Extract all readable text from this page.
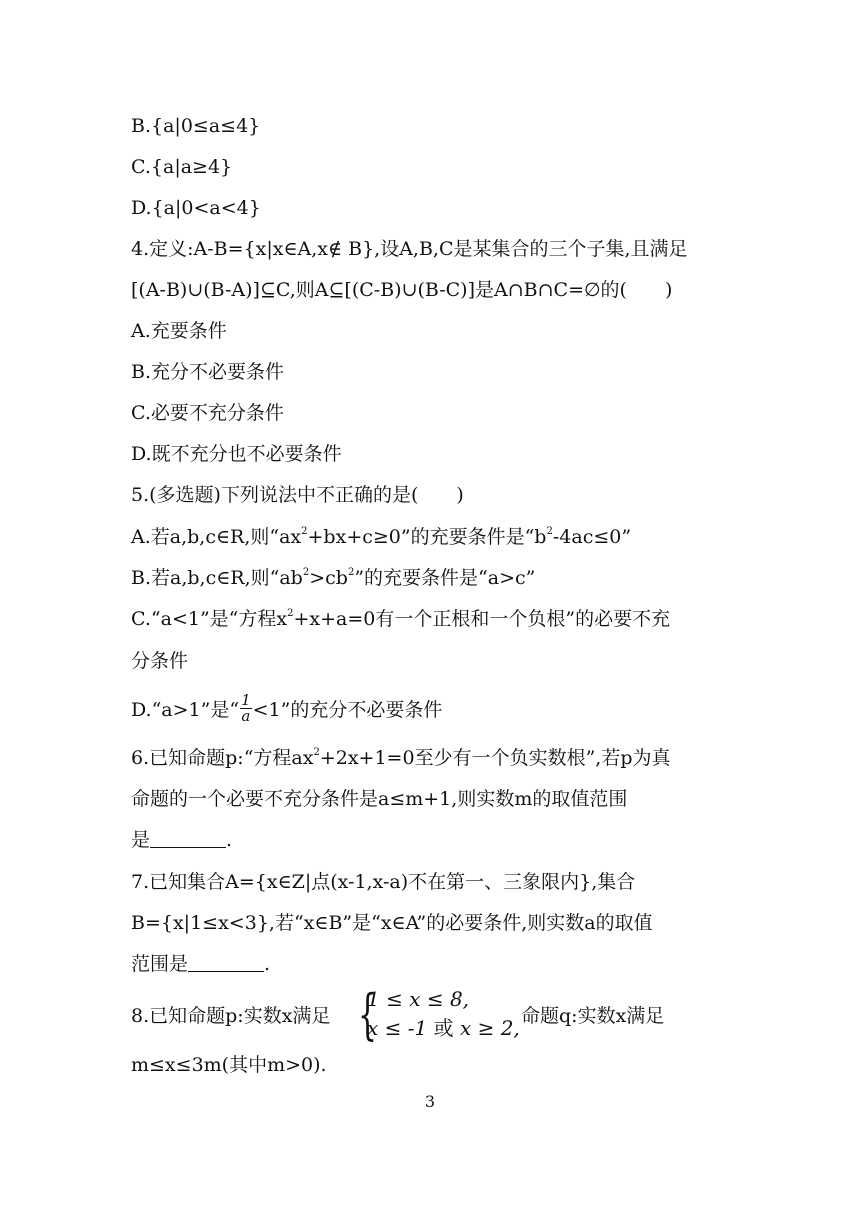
B.{a|0≤a≤4}
C.{a|a≥4}
D.{a|0<a<4}
4.定义:A-B={x|x∈A,x∉ B},设A,B,C是某集合的三个子集,且满足
[(A-B)∪(B-A)]⊆C,则A⊆[(C-B)∪(B-C)]是A∩B∩C=∅的(　　)
A.充要条件
B.充分不必要条件
C.必要不充分条件
D.既不充分也不必要条件
5.(多选题)下列说法中不正确的是(　　)
A.若a,b,c∈R,则“$ax^2+bx+c\ge 0$”的充要条件是“$b^2-4ac\le 0$”
B.若a,b,c∈R,则“$ab^2>cb^2$”的充要条件是“a>c”
C.“a<1”是“方程$x^2+x+a=0$有一个正根和一个负根”的必要不充
分条件
D.“a>1”是“ $\frac{1}{a} <1$”的充分不必要条件
6.已知命题p:“方程$ax^2+2x+1=0$至少有一个负实数根”,若p为真
命题的一个必要不充分条件是a≤m+1,则实数m的取值范围
是	.
7.已知集合A={x∈Z|点(x-1,x-a)不在第一、三象限内},集合
B={x|1≤x<3},若“x∈B”是“x∈A”的必要条件,则实数a的取值
范围是	.
8.已知命题p:实数x满足 {
1 ≤ 𝑥 ≤ 8,
𝑥 ≤ -1 或 𝑥 ≥ 2, 命题q:实数x满足
m≤x≤3m(其中m>0).
3
